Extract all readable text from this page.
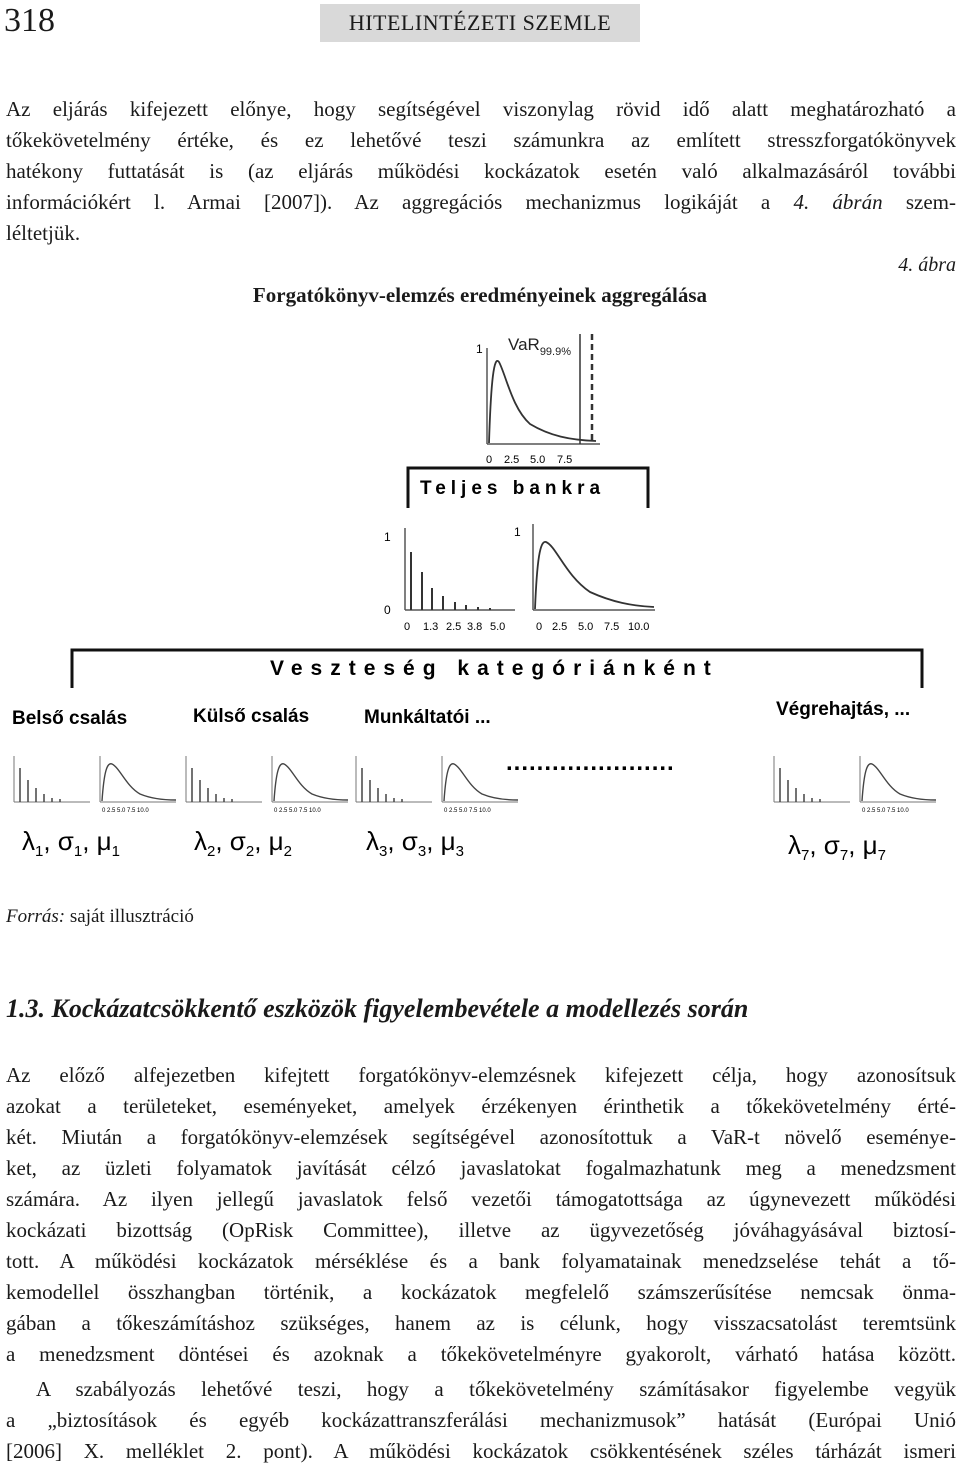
318	HITELINTÉZETI SZEMLE

Az eljárás kifejezett előnye, hogy segítségével viszonylag rövid idő alatt meghatározható a

tőkekövetelmény értéke, és ez lehetővé teszi számunkra az említett stresszforgatókönyvek

hatékony futtatását is (az eljárás működési kockázatok esetén való alkalmazásáról további

információkért l. Armai [2007]). Az aggregációs mechanizmus logikáját a 4. ábrán szem-

léltetjük.

4. ábra
Forgatókönyv-elemzés eredményeinek aggregálása
1 VaR$_{99.9\%}$
0 2.5 5.0 7.5
Teljes bankra
1
0
0 1.3 2.5 3.8 5.0
1
0 2.5 5.0 7.5 10.0
Veszteség kategóriánként
Belső csalás	Külső csalás	Munkáltatói ...	Végrehajtás, ...
0 2.5 5.0 7.5 10.0	0 2.5 5.0 7.5 10.0	0 2.5 5.0 7.5 10.0
......................
0 2.5 5.0 7.5 10.0
$\lambda_1$, $\sigma_1$, $\mu_1$	$\lambda_2$, $\sigma_2$, $\mu_2$	$\lambda_3$, $\sigma_3$, $\mu_3$	$\lambda_7$, $\sigma_7$, $\mu_7$
Forrás: saját illusztráció
1.3. Kockázatcsökkentő eszközök figyelembevétele a modellezés során

Az előző alfejezetben kifejtett forgatókönyv-elemzésnek kifejezett célja, hogy azonosítsuk

azokat a területeket, eseményeket, amelyek érzékenyen érinthetik a tőkekövetelmény érté-

két. Miután a forgatókönyv-elemzések segítségével azonosítottuk a VaR-t növelő eseménye-

ket, az üzleti folyamatok javítását célzó javaslatokat fogalmazhatunk meg a menedzsment

számára. Az ilyen jellegű javaslatok felső vezetői támogatottsága az úgynevezett működési

kockázati bizottság (OpRisk Committee), illetve az ügyvezetőség jóváhagyásával biztosí-

tott. A működési kockázatok mérséklése és a bank folyamatainak menedzselése tehát a tő-

kemodellel összhangban történik, a kockázatok megfelelő számszerűsítése nemcsak önma-

gában a tőkeszámításhoz szükséges, hanem az is célunk, hogy visszacsatolást teremtsünk

a menedzsment döntései és azoknak a tőkekövetelményre gyakorolt, várható hatása között.

A szabályozás lehetővé teszi, hogy a tőkekövetelmény számításakor figyelembe vegyük

a „biztosítások és egyéb kockázattranszferálási mechanizmusok” hatását (Európai Unió

[2006] X. melléklet 2. pont). A működési kockázatok csökkentésének széles tárházát ismeri
